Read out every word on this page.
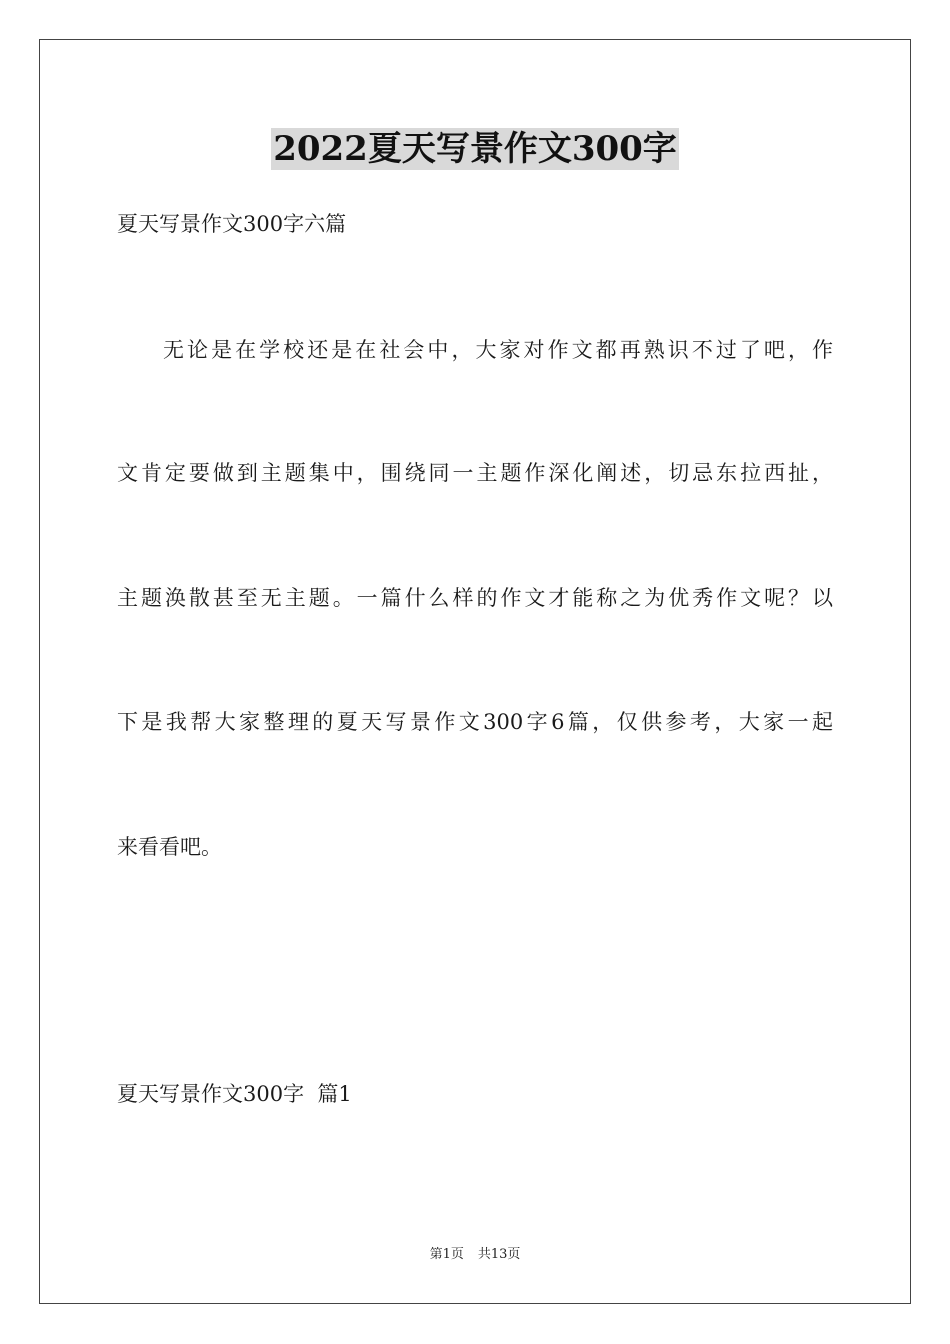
2022夏天写景作文300字
夏天写景作文300字六篇
无论是在学校还是在社会中，大家对作文都再熟识不过了吧，作
文肯定要做到主题集中，围绕同一主题作深化阐述，切忌东拉西扯，
主题涣散甚至无主题。一篇什么样的作文才能称之为优秀作文呢？以
下是我帮大家整理的夏天写景作文300字6篇，仅供参考，大家一起
来看看吧。
夏天写景作文300字  篇1
第1页 共13页
